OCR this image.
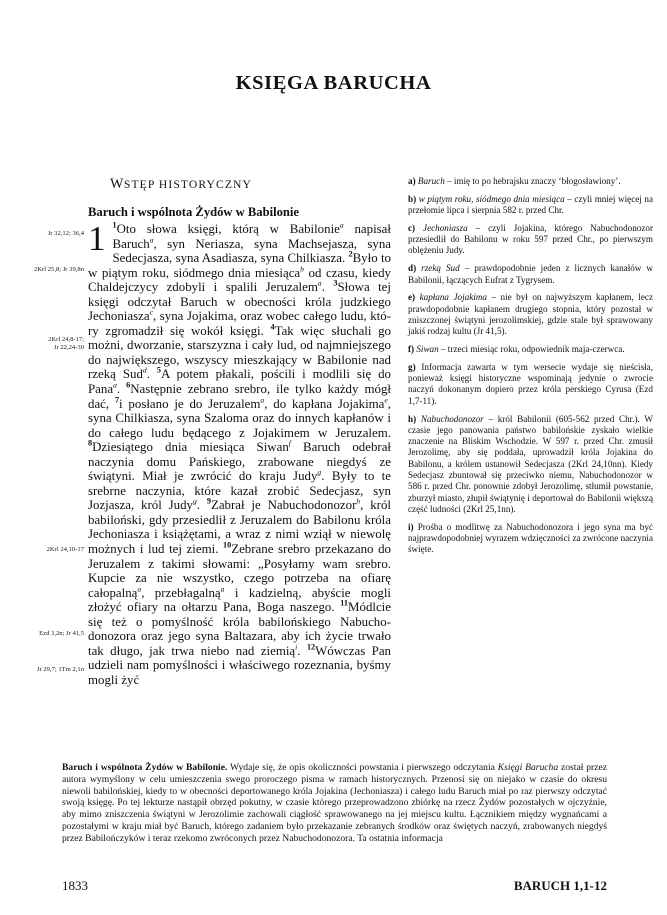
KSIĘGA BARUCHA
Jr 32,12; 36,4
2Krl 25,8; Jr 39,8n
2Krl 24,8-17;
Jr 22,24-30
2Krl 24,10-17
Ezd 3,2n; Jr 41,5
Jr 29,7; 1Tm 2,1n
WSTĘP HISTORYCZNY
Baruch i wspólnota Żydów w Babilonie
1 $^1$Oto słowa księgi, którą w Babilonie$^a$ napisał Baruch$^a$, syn Neriasza, syna Machsejasza, syna Sedecjasza, syna Asadiasza, syna Chilkiasza. $^2$Było to w piątym roku, siódmego dnia miesiąca$^b$ od czasu, kiedy Chaldejczycy zdobyli i spalili Jeruzalem$^a$. $^3$Słowa tej księgi odczytał Baruch w obecności króla judzkiego Jechoniasza$^c$, syna Jojakima, oraz wobec całego ludu, który zgromadził się wokół księgi. $^4$Tak więc słuchali go możni, dworzanie, starszyzna i cały lud, od najmniejszego do największego, wszyscy mieszkający w Babilonie nad rzeką Sud$^d$. $^5$A potem płakali, pościli i modlili się do Pana$^a$. $^6$Następnie zebrano srebro, ile tylko każdy mógł dać, $^7$i posłano je do Jeruzalem$^a$, do kapłana Jojakima$^e$, syna Chilkiasza, syna Szaloma oraz do innych kapłanów i do całego ludu będącego z Jojakimem w Jeruzalem. $^8$Dziesiątego dnia miesiąca Siwan$^f$ Baruch odebrał naczynia domu Pańskiego, zrabowane niegdyś ze świątyni. Miał je zwrócić do kraju Judy$^g$. Były to te srebrne naczynia, które kazał zrobić Sedecjasz, syn Jozjasza, król Judy$^g$. $^9$Zabrał je Nabuchodonozor$^h$, król babiloński, gdy przesiedlił z Jeruzalem do Babilonu króla Jechoniasza i książętami, a wraz z nimi wziął w niewolę możnych i lud tej ziemi. $^{10}$Zebrane srebro przekazano do Jeruzalem z takimi słowami: „Posyłamy wam srebro. Kupcie za nie wszystko, czego potrzeba na ofiarę całopalną$^a$, przebłagalną$^a$ i kadzielną, abyście mogli złożyć ofiary na ołtarzu Pana, Boga naszego. $^{11}$Módlcie się też o pomyślność króla babilońskiego Nabuchodonozora oraz jego syna Baltazara, aby ich życie trwało tak długo, jak trwa niebo nad ziemią$^i$. $^{12}$Wówczas Pan udzieli nam pomyślności i właściwego rozeznania, byśmy mogli żyć

a) Baruch – imię to po hebrajsku znaczy ‘błogosławiony’.
b) w piątym roku, siódmego dnia miesiąca – czyli mniej więcej na przełomie lipca i sierpnia 582 r. przed Chr.
c) Jechoniasza – czyli Jojakina, którego Nabuchodonozor przesiedlił do Babilonu w roku 597 przed Chr., po pierwszym oblężeniu Judy.
d) rzeką Sud – prawdopodobnie jeden z licznych kanałów w Babilonii, łączących Eufrat z Tygrysem.
e) kapłana Jojakima – nie był on najwyższym kapłanem, lecz prawdopodobnie kapłanem drugiego stopnia, który pozostał w zniszczonej świątyni jerozolimskiej, gdzie stale był sprawowany jakiś rodzaj kultu (Jr 41,5).
f) Siwan – trzeci miesiąc roku, odpowiednik maja-czerwca.
g) Informacja zawarta w tym wersecie wydaje się nieścisła, ponieważ księgi historyczne wspominają jedynie o zwrocie naczyń dokonanym dopiero przez króla perskiego Cyrusa (Ezd 1,7-11).
h) Nabuchodonozor – król Babilonii (605-562 przed Chr.). W czasie jego panowania państwo babilońskie zyskało wielkie znaczenie na Bliskim Wschodzie. W 597 r. przed Chr. zmusił Jerozolimę, aby się poddała, uprowadził króla Jojakina do Babilonu, a królem ustanowił Sedecjasza (2Krl 24,10nn). Kiedy Sedecjasz zbuntował się przeciwko niemu, Nabuchodonozor w 586 r. przed Chr. ponownie zdobył Jerozolimę, stłumił powstanie, zburzył miasto, złupił świątynię i deportował do Babilonii większą część ludności (2Krl 25,1nn).
i) Prośba o modlitwę za Nabuchodonozora i jego syna ma być najprawdopodobniej wyrazem wdzięczności za zwrócone naczynia święte.
Baruch i wspólnota Żydów w Babilonie. Wydaje się, że opis okoliczności powstania i pierwszego odczytania Księgi Barucha został przez autora wymyślony w celu umieszczenia swego proroczego pisma w ramach historycznych. Przenosi się on niejako w czasie do okresu niewoli babilońskiej, kiedy to w obecności deportowanego króla Jojakina (Jechoniasza) i całego ludu Baruch miał po raz pierwszy odczytać swoją księgę. Po tej lekturze nastąpił obrzęd pokutny, w czasie którego przeprowadzono zbiórkę na rzecz Żydów pozostałych w ojczyźnie, aby mimo zniszczenia świątyni w Jerozolimie zachowali ciągłość sprawowanego na jej miejscu kultu. Łącznikiem między wygnańcami a pozostałymi w kraju miał być Baruch, którego zadaniem było przekazanie zebranych środków oraz świętych naczyń, zrabowanych niegdyś przez Babilończyków i teraz rzekomo zwróconych przez Nabuchodonozora. Ta ostatnia informacja
1833	BARUCH 1,1-12
